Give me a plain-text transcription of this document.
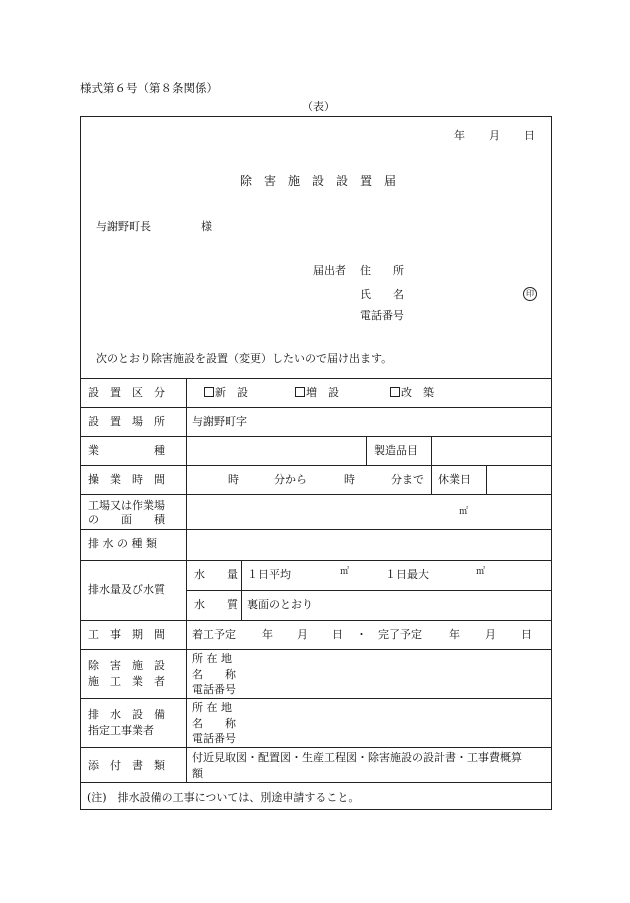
様式第６号（第８条関係）
（表）
年 月 日
除　害　施　設　設　置　届
与謝野町長	様
届出者 住　　所
氏　　名	印
電話番号
次のとおり除害施設を設置（変更）したいので届け出ます。
設　置　区　分	新　設	増　設	改　築
設　置　場　所 与謝野町字
業　　　　　種	製造品目
操　業　時　間	時	分から	時	分まで 休業日
工場又は作業場
の　　面　　積
㎡
排 水 の 種 類
排水量及び水質
水　　量 １日平均	㎥	１日最大	㎥
水　　質 裏面のとおり
工　事　期　間 着工予定 年 月 日 ・ 完了予定 年 月 日
除　害　施　設
施　工　業　者
所 在 地
名　　称
電話番号
排　水　設　備
指定工事業者
所 在 地
名　　称
電話番号
添　付　書　類
付近見取図・配置図・生産工程図・除害施設の設計書・工事費概算
額
(注)　排水設備の工事については、別途申請すること。
